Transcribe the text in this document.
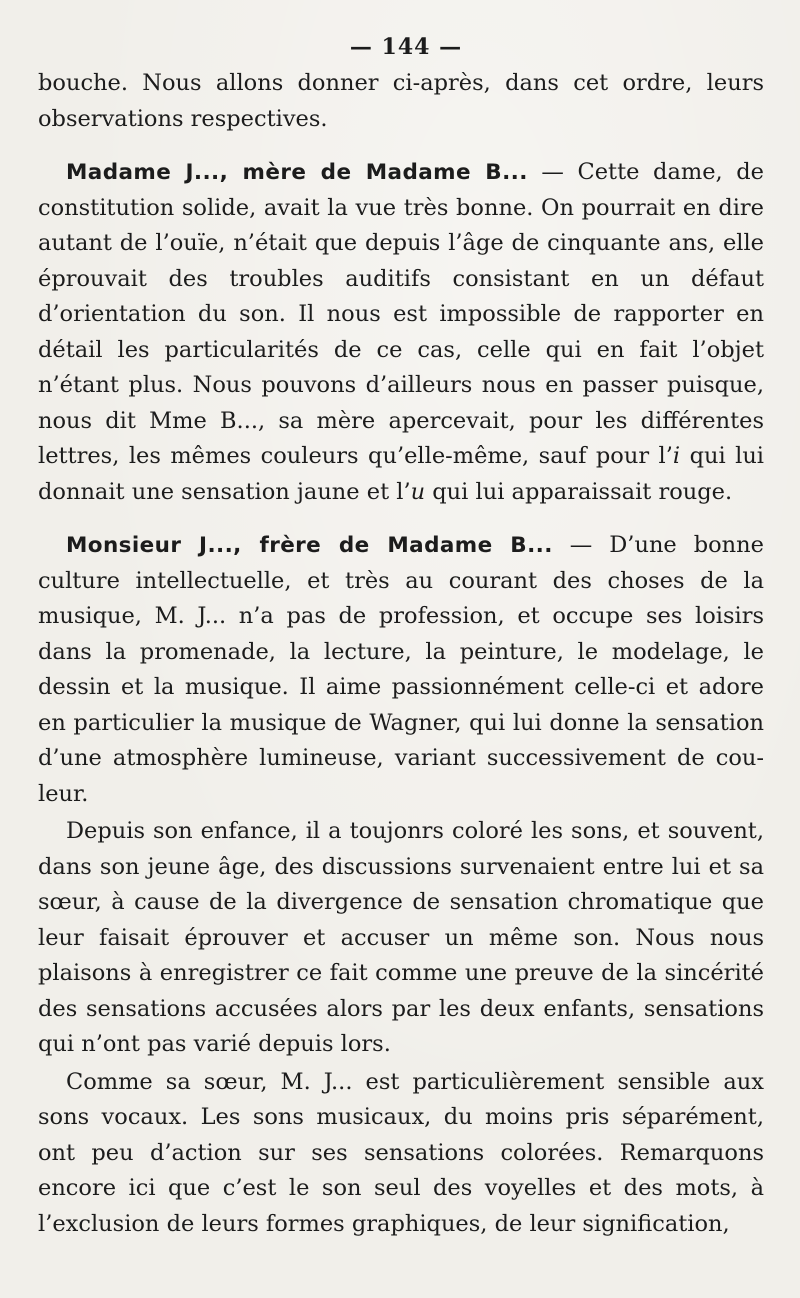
— 144 —

bouche. Nous allons donner ci-après, dans cet ordre, leurs observations respectives.

Madame J..., mère de Madame B... — Cette dame, de constitution solide, avait la vue très bonne. On pourrait en dire autant de l’ouïe, n’était que depuis l’âge de cinquante ans, elle éprouvait des troubles auditifs consistant en un défaut d’orientation du son. Il nous est impossible de rapporter en détail les particularités de ce cas, celle qui en fait l’objet n’étant plus. Nous pouvons d’ailleurs nous en passer puisque, nous dit Mme B..., sa mère apercevait, pour les différentes lettres, les mêmes couleurs qu’elle-même, sauf pour l’i qui lui donnait une sensation jaune et l’u qui lui apparaissait rouge.

Monsieur J..., frère de Madame B... — D’une bonne culture intellectuelle, et très au courant des choses de la musique, M. J... n’a pas de profession, et occupe ses loisirs dans la promenade, la lecture, la peinture, le modelage, le dessin et la musique. Il aime passionnément celle-ci et adore en particulier la musique de Wagner, qui lui donne la sensation d’une atmosphère lumineuse, variant successivement de couleur.

Depuis son enfance, il a toujonrs coloré les sons, et souvent, dans son jeune âge, des discussions survenaient entre lui et sa sœur, à cause de la divergence de sensation chromatique que leur faisait éprouver et accuser un même son. Nous nous plaisons à enregistrer ce fait comme une preuve de la sincérité des sensations accusées alors par les deux enfants, sensations qui n’ont pas varié depuis lors.

Comme sa sœur, M. J... est particulièrement sensible aux sons vocaux. Les sons musicaux, du moins pris séparément, ont peu d’action sur ses sensations colorées. Remarquons encore ici que c’est le son seul des voyelles et des mots, à l’exclusion de leurs formes graphiques, de leur signification,
